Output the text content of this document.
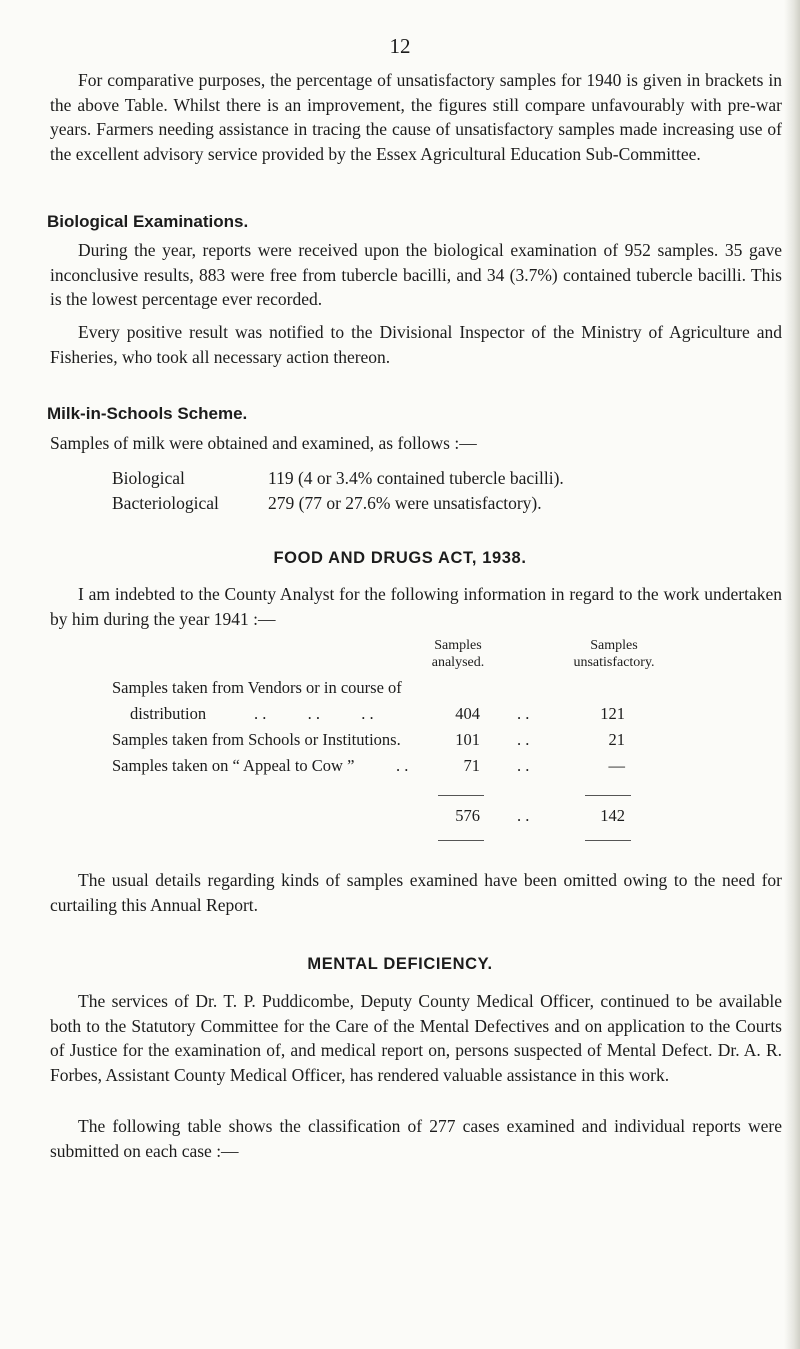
12

For comparative purposes, the percentage of unsatisfactory samples for 1940 is given in brackets in the above Table. Whilst there is an improvement, the figures still compare unfavourably with pre-war years. Farmers needing assistance in tracing the cause of unsatisfactory samples made increasing use of the excellent advisory service provided by the Essex Agricultural Education Sub-Committee.

Biological Examinations.

During the year, reports were received upon the biological examination of 952 samples. 35 gave inconclusive results, 883 were free from tubercle bacilli, and 34 (3.7%) contained tubercle bacilli. This is the lowest percentage ever recorded.

Every positive result was notified to the Divisional Inspector of the Ministry of Agriculture and Fisheries, who took all necessary action thereon.

Milk-in-Schools Scheme.

Samples of milk were obtained and examined, as follows :—

Biological	119 (4 or 3.4% contained tubercle bacilli).
Bacteriological	279 (77 or 27.6% were unsatisfactory).
FOOD AND DRUGS ACT, 1938.

I am indebted to the County Analyst for the following information in regard to the work undertaken by him during the year 1941 :—

Samples
analysed.
Samples
unsatisfactory.
Samples taken from Vendors or in course of
distribution	. .          . .          . .	404 . .	121
Samples taken from Schools or Institutions.	101 . .	21
Samples taken on “ Appeal to Cow ”	. .	71 . .	—
576 . .	142

The usual details regarding kinds of samples examined have been omitted owing to the need for curtailing this Annual Report.

MENTAL DEFICIENCY.

The services of Dr. T. P. Puddicombe, Deputy County Medical Officer, continued to be available both to the Statutory Committee for the Care of the Mental Defectives and on application to the Courts of Justice for the examination of, and medical report on, persons suspected of Mental Defect. Dr. A. R. Forbes, Assistant County Medical Officer, has rendered valuable assistance in this work.

The following table shows the classification of 277 cases examined and individual reports were submitted on each case :—
